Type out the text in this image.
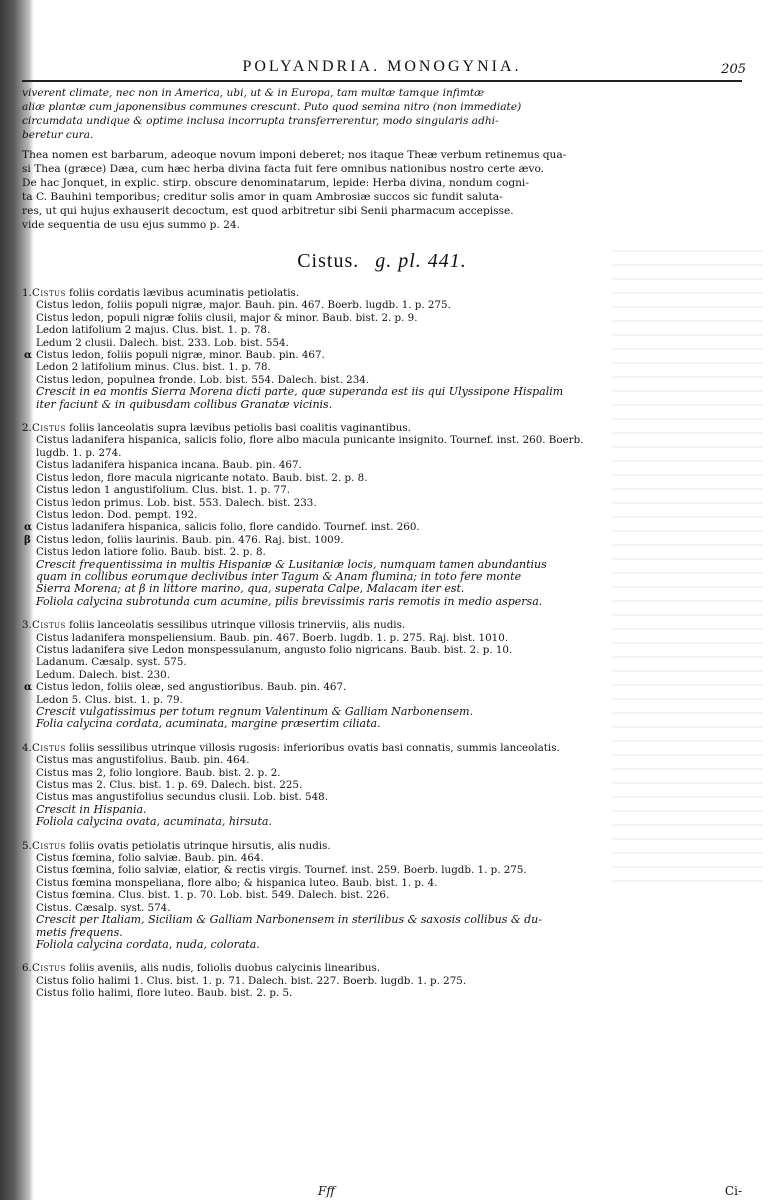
POLYANDRIA. MONOGYNIA.	205

viverent climate, nec non in America, ubi, ut & in Europa, tam multæ tamque infimtæ
aliæ plantæ cum japonensibus communes crescunt. Puto quod semina nitro (non immediate)
circumdata undique & optime inclusa incorrupta transferrerentur, modo singularis adhi-
beretur cura.

Thea nomen est barbarum, adeoque novum imponi deberet; nos itaque Theæ verbum retinemus qua-
si Thea (græce) Dæa, cum hæc herba divina facta fuit fere omnibus nationibus nostro certe ævo.
De hac Jonquet, in explic. stirp. obscure denominatarum, lepide: Herba divina, nondum cogni-
ta C. Bauhini temporibus; creditur solis amor in quam Ambrosiæ succos sic fundit saluta-
res, ut qui hujus exhauserit decoctum, est quod arbitretur sibi Senii pharmacum accepisse.
vide sequentia de usu ejus summo p. 24.

Cistus. g. pl. 441.
1.Cistus foliis cordatis lævibus acuminatis petiolatis.
Cistus ledon, foliis populi nigræ, major. Bauh. pin. 467. Boerb. lugdb. 1. p. 275.
Cistus ledon, populi nigræ foliis clusii, major & minor. Baub. bist. 2. p. 9.
Ledon latifolium 2 majus. Clus. bist. 1. p. 78.
Ledum 2 clusii. Dalech. bist. 233. Lob. bist. 554.
α Cistus ledon, foliis populi nigræ, minor. Baub. pin. 467.
Ledon 2 latifolium minus. Clus. bist. 1. p. 78.
Cistus ledon, populnea fronde. Lob. bist. 554. Dalech. bist. 234.
Crescit in ea montis Sierra Morena dicti parte, quæ superanda est iis qui Ulyssipone Hispalim
iter faciunt & in quibusdam collibus Granatæ vicinis.
2.Cistus foliis lanceolatis supra lævibus petiolis basi coalitis vaginantibus.
Cistus ladanifera hispanica, salicis folio, flore albo macula punicante insignito. Tournef. inst. 260. Boerb.
lugdb. 1. p. 274.
Cistus ladanifera hispanica incana. Baub. pin. 467.
Cistus ledon, flore macula nigricante notato. Baub. bist. 2. p. 8.
Cistus ledon 1 angustifolium. Clus. bist. 1. p. 77.
Cistus ledon primus. Lob. bist. 553. Dalech. bist. 233.
Cistus ledon. Dod. pempt. 192.
α Cistus ladanifera hispanica, salicis folio, flore candido. Tournef. inst. 260.
β Cistus ledon, foliis laurinis. Baub. pin. 476. Raj. bist. 1009.
Cistus ledon latiore folio. Baub. bist. 2. p. 8.
Crescit frequentissima in multis Hispaniæ & Lusitaniæ locis, numquam tamen abundantius
quam in collibus eorumque declivibus inter Tagum & Anam flumina; in toto fere monte
Sierra Morena; at β in littore marino, qua, superata Calpe, Malacam iter est.
Foliola calycina subrotunda cum acumine, pilis brevissimis raris remotis in medio aspersa.
3.Cistus foliis lanceolatis sessilibus utrinque villosis trinerviis, alis nudis.
Cistus ladanifera monspeliensium. Baub. pin. 467. Boerb. lugdb. 1. p. 275. Raj. bist. 1010.
Cistus ladanifera sive Ledon monspessulanum, angusto folio nigricans. Baub. bist. 2. p. 10.
Ladanum. Cæsalp. syst. 575.
Ledum. Dalech. bist. 230.
α Cistus ledon, foliis oleæ, sed angustioribus. Baub. pin. 467.
Ledon 5. Clus. bist. 1. p. 79.
Crescit vulgatissimus per totum regnum Valentinum & Galliam Narbonensem.
Folia calycina cordata, acuminata, margine præsertim ciliata.
4.Cistus foliis sessilibus utrinque villosis rugosis: inferioribus ovatis basi connatis, summis lanceolatis.
Cistus mas angustifolius. Baub. pin. 464.
Cistus mas 2, folio longiore. Baub. bist. 2. p. 2.
Cistus mas 2. Clus. bist. 1. p. 69. Dalech. bist. 225.
Cistus mas angustifolius secundus clusii. Lob. bist. 548.
Crescit in Hispania.
Foliola calycina ovata, acuminata, hirsuta.
5.Cistus foliis ovatis petiolatis utrinque hirsutis, alis nudis.
Cistus fœmina, folio salviæ. Baub. pin. 464.
Cistus fœmina, folio salviæ, elatior, & rectis virgis. Tournef. inst. 259. Boerb. lugdb. 1. p. 275.
Cistus fœmina monspeliana, flore albo; & hispanica luteo. Baub. bist. 1. p. 4.
Cistus fœmina. Clus. bist. 1. p. 70. Lob. bist. 549. Dalech. bist. 226.
Cistus. Cæsalp. syst. 574.
Crescit per Italiam, Siciliam & Galliam Narbonensem in sterilibus & saxosis collibus & du-
metis frequens.
Foliola calycina cordata, nuda, colorata.
6.Cistus foliis aveniis, alis nudis, foliolis duobus calycinis linearibus.
Cistus folio halimi 1. Clus. bist. 1. p. 71. Dalech. bist. 227. Boerb. lugdb. 1. p. 275.
Cistus folio halimi, flore luteo. Baub. bist. 2. p. 5.
Fff	Ci-
